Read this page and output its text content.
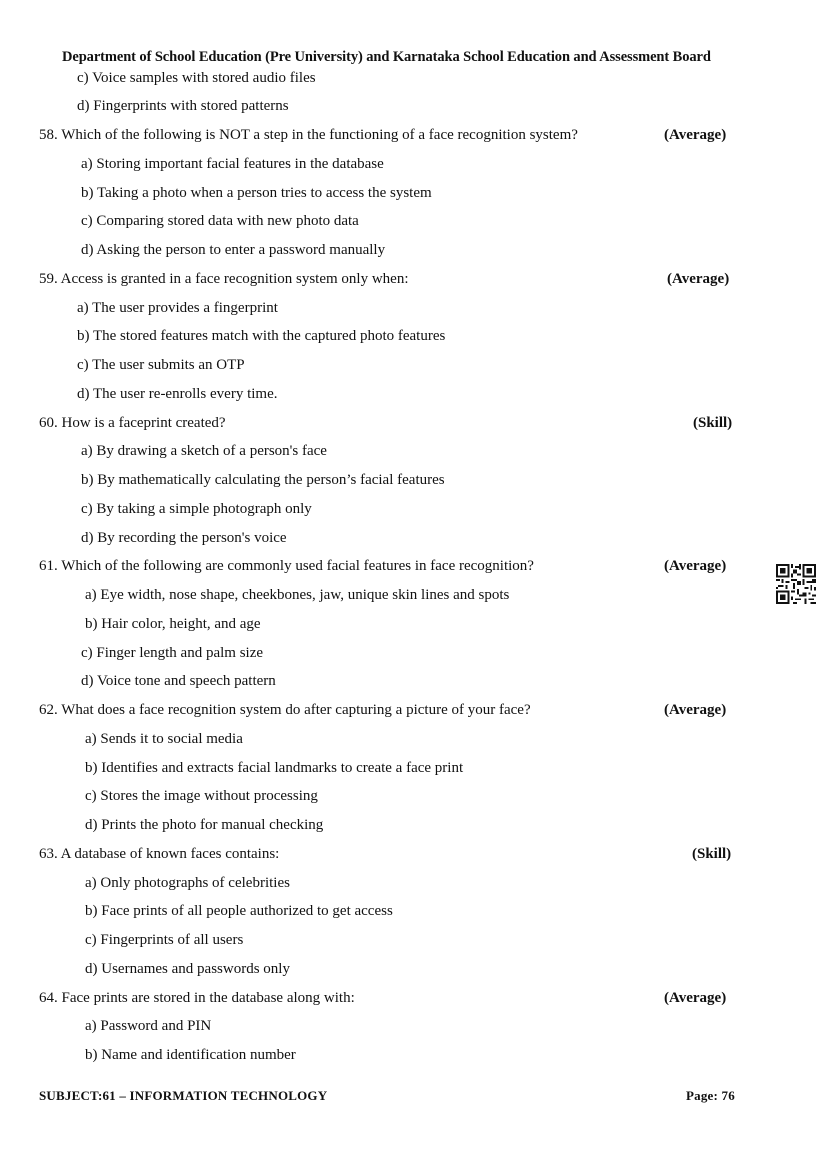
Department of School Education (Pre University) and Karnataka School Education and Assessment Board
c) Voice samples with stored audio files
d) Fingerprints with stored patterns
58. Which of the following is NOT a step in the functioning of a face recognition system?	(Average)
a) Storing important facial features in the database
b) Taking a photo when a person tries to access the system
c) Comparing stored data with new photo data
d) Asking the person to enter a password manually
59. Access is granted in a face recognition system only when:	(Average)
a) The user provides a fingerprint
b) The stored features match with the captured photo features
c) The user submits an OTP
d) The user re-enrolls every time.
60. How is a faceprint created?	(Skill)
a) By drawing a sketch of a person's face
b) By mathematically calculating the person’s facial features
c) By taking a simple photograph only
d) By recording the person's voice
61. Which of the following are commonly used facial features in face recognition?	(Average)
a) Eye width, nose shape, cheekbones, jaw, unique skin lines and spots
b) Hair color, height, and age
c) Finger length and palm size
d) Voice tone and speech pattern
62. What does a face recognition system do after capturing a picture of your face?	(Average)
a) Sends it to social media
b) Identifies and extracts facial landmarks to create a face print
c) Stores the image without processing
d) Prints the photo for manual checking
63. A database of known faces contains:	(Skill)
a) Only photographs of celebrities
b) Face prints of all people authorized to get access
c) Fingerprints of all users
d) Usernames and passwords only
64. Face prints are stored in the database along with:	(Average)
a) Password and PIN
b) Name and identification number
SUBJECT:61 – INFORMATION TECHNOLOGY	Page: 76
